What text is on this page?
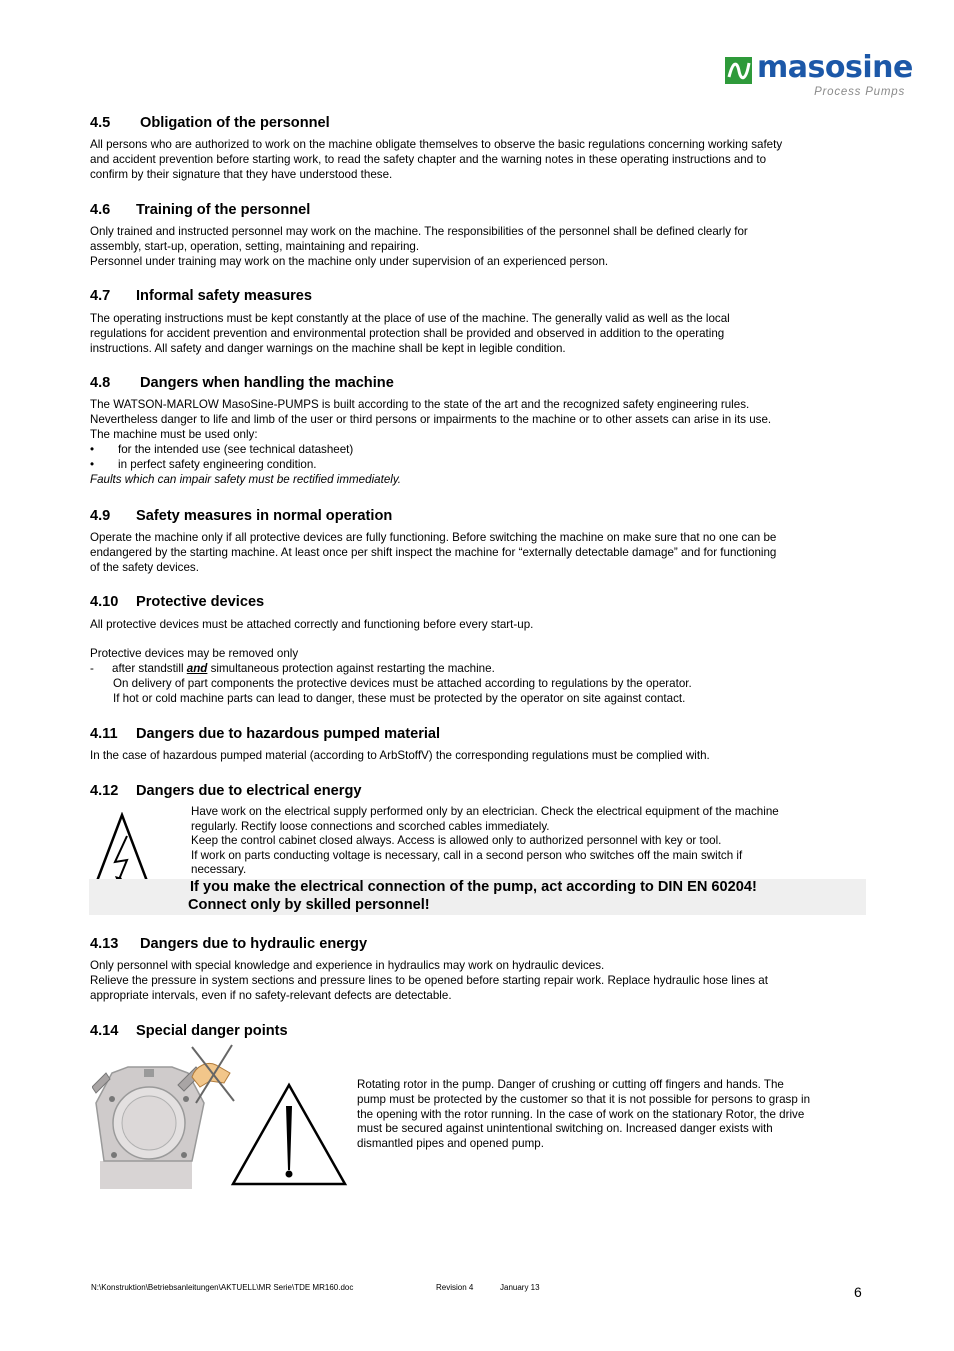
masosine
Process Pumps
4.5 Obligation of the personnel

All persons who are authorized to work on the machine obligate themselves to observe the basic regulations concerning working safety

and accident prevention before starting work, to read the safety chapter and the warning notes in these operating instructions and to

confirm by their signature that they have understood these.

4.6 Training of the personnel

Only trained and instructed personnel may work on the machine. The responsibilities of the personnel shall be defined clearly for

assembly, start-up, operation, setting, maintaining and repairing.

Personnel under training may work on the machine only under supervision of an experienced person.

4.7 Informal safety measures

The operating instructions must be kept constantly at the place of use of the machine. The generally valid as well as the local

regulations for accident prevention and environmental protection shall be provided and observed in addition to the operating

instructions. All safety and danger warnings on the machine shall be kept in legible condition.

4.8 Dangers when handling the machine

The WATSON-MARLOW MasoSine-PUMPS is built according to the state of the art and the recognized safety engineering rules.

Nevertheless danger to life and limb of the user or third persons or impairments to the machine or to other assets can arise in its use.

The machine must be used only:

• for the intended use (see technical datasheet)
• in perfect safety engineering condition.
Faults which can impair safety must be rectified immediately.
4.9 Safety measures in normal operation

Operate the machine only if all protective devices are fully functioning. Before switching the machine on make sure that no one can be

endangered by the starting machine. At least once per shift inspect the machine for “externally detectable damage” and for functioning

of the safety devices.

4.10 Protective devices
All protective devices must be attached correctly and functioning before every start-up.
Protective devices may be removed only
- after standstill and simultaneous protection against restarting the machine.
On delivery of part components the protective devices must be attached according to regulations by the operator.
If hot or cold machine parts can lead to danger, these must be protected by the operator on site against contact.
4.11 Dangers due to hazardous pumped material
In the case of hazardous pumped material (according to ArbStoffV) the corresponding regulations must be complied with.
4.12 Dangers due to electrical energy

Have work on the electrical supply performed only by an electrician. Check the electrical equipment of the machine

regularly. Rectify loose connections and scorched cables immediately.

Keep the control cabinet closed always. Access is allowed only to authorized personnel with key or tool.

If work on parts conducting voltage is necessary, call in a second person who switches off the main switch if

necessary.

If you make the electrical connection of the pump, act according to DIN EN 60204!
Connect only by skilled personnel!
4.13 Dangers due to hydraulic energy

Only personnel with special knowledge and experience in hydraulics may work on hydraulic devices.

Relieve the pressure in system sections and pressure lines to be opened before starting repair work. Replace hydraulic hose lines at

appropriate intervals, even if no safety-relevant defects are detectable.

4.14 Special danger points
Rotating rotor in the pump. Danger of crushing or cutting off fingers and hands. The
pump must be protected by the customer so that it is not possible for persons to grasp in
the opening with the rotor running. In the case of work on the stationary Rotor, the drive
must be secured against unintentional switching on. Increased danger exists with
dismantled pipes and opened pump.
N:\Konstruktion\Betriebsanleitungen\AKTUELL\MR Serie\TDE MR160.doc	Revision 4	January 13	6
